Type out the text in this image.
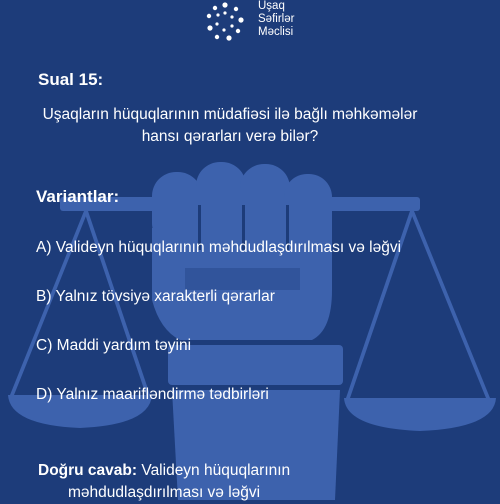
Uşaq
Səfirlər
Məclisi
Sual 15:
Uşaqların hüquqlarının müdafiəsi ilə bağlı məhkəmələr
hansı qərarları verə bilər?
Variantlar:
A) Valideyn hüquqlarının məhdudlaşdırılması və ləğvi
B) Yalnız tövsiyə xarakterli qərarlar
C) Maddi yardım təyini
D) Yalnız maarifləndirmə tədbirləri
Doğru cavab: Valideyn hüquqlarının
məhdudlaşdırılması və ləğvi
